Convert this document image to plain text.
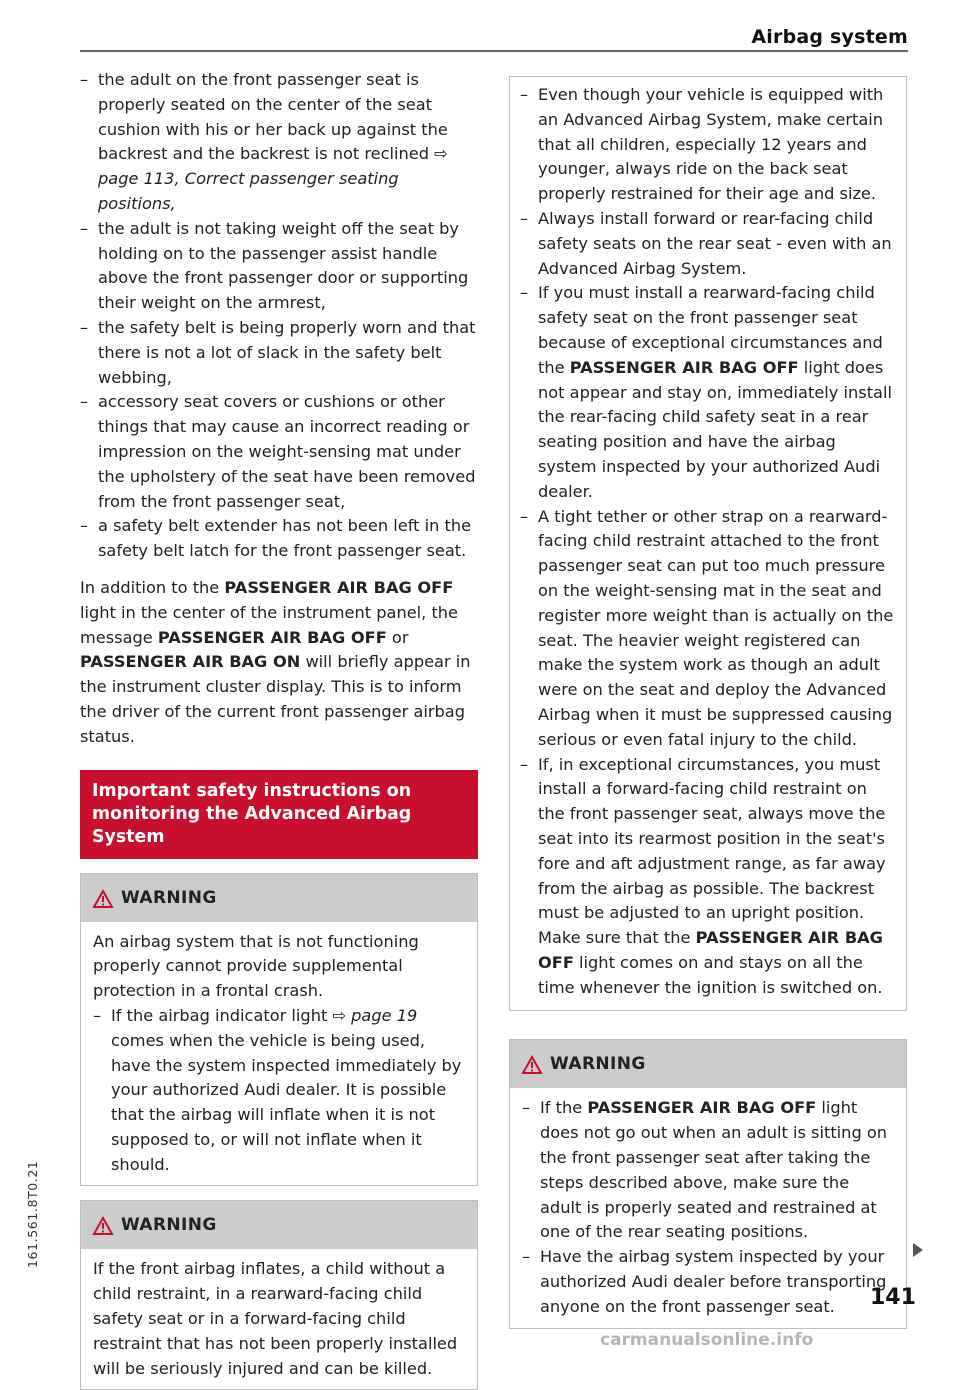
Airbag system
– the adult on the front passenger seat is properly seated on the center of the seat cushion with his or her back up against the backrest and the backrest is not reclined ⇨ page 113, Correct passenger seating positions,
– the adult is not taking weight off the seat by holding on to the passenger assist handle above the front passenger door or supporting their weight on the armrest,
– the safety belt is being properly worn and that there is not a lot of slack in the safety belt webbing,
– accessory seat covers or cushions or other things that may cause an incorrect reading or impression on the weight-sensing mat under the upholstery of the seat have been removed from the front passenger seat,
– a safety belt extender has not been left in the safety belt latch for the front passenger seat.
In addition to the PASSENGER AIR BAG OFF light in the center of the instrument panel, the message PASSENGER AIR BAG OFF or PASSENGER AIR BAG ON will briefly appear in the instrument cluster display. This is to inform the driver of the current front passenger airbag status.
Important safety instructions on monitoring the Advanced Airbag System
WARNING
An airbag system that is not functioning properly cannot provide supplemental protection in a frontal crash.
– If the airbag indicator light ⇨ page 19 comes when the vehicle is being used, have the system inspected immediately by your authorized Audi dealer. It is possible that the airbag will inflate when it is not supposed to, or will not inflate when it should.
WARNING
If the front airbag inflates, a child without a child restraint, in a rearward-facing child safety seat or in a forward-facing child restraint that has not been properly installed will be seriously injured and can be killed.
– Even though your vehicle is equipped with an Advanced Airbag System, make certain that all children, especially 12 years and younger, always ride on the back seat properly restrained for their age and size.
– Always install forward or rear-facing child safety seats on the rear seat - even with an Advanced Airbag System.
– If you must install a rearward-facing child safety seat on the front passenger seat because of exceptional circumstances and the PASSENGER AIR BAG OFF light does not appear and stay on, immediately install the rear-facing child safety seat in a rear seating position and have the airbag system inspected by your authorized Audi dealer.
– A tight tether or other strap on a rearward-facing child restraint attached to the front passenger seat can put too much pressure on the weight-sensing mat in the seat and register more weight than is actually on the seat. The heavier weight registered can make the system work as though an adult were on the seat and deploy the Advanced Airbag when it must be suppressed causing serious or even fatal injury to the child.
– If, in exceptional circumstances, you must install a forward-facing child restraint on the front passenger seat, always move the seat into its rearmost position in the seat's fore and aft adjustment range, as far away from the airbag as possible. The backrest must be adjusted to an upright position. Make sure that the PASSENGER AIR BAG OFF light comes on and stays on all the time whenever the ignition is switched on.
WARNING
– If the PASSENGER AIR BAG OFF light does not go out when an adult is sitting on the front passenger seat after taking the steps described above, make sure the adult is properly seated and restrained at one of the rear seating positions.
– Have the airbag system inspected by your authorized Audi dealer before transporting anyone on the front passenger seat.	141
161.561.8T0.21
carmanualsonline.info
